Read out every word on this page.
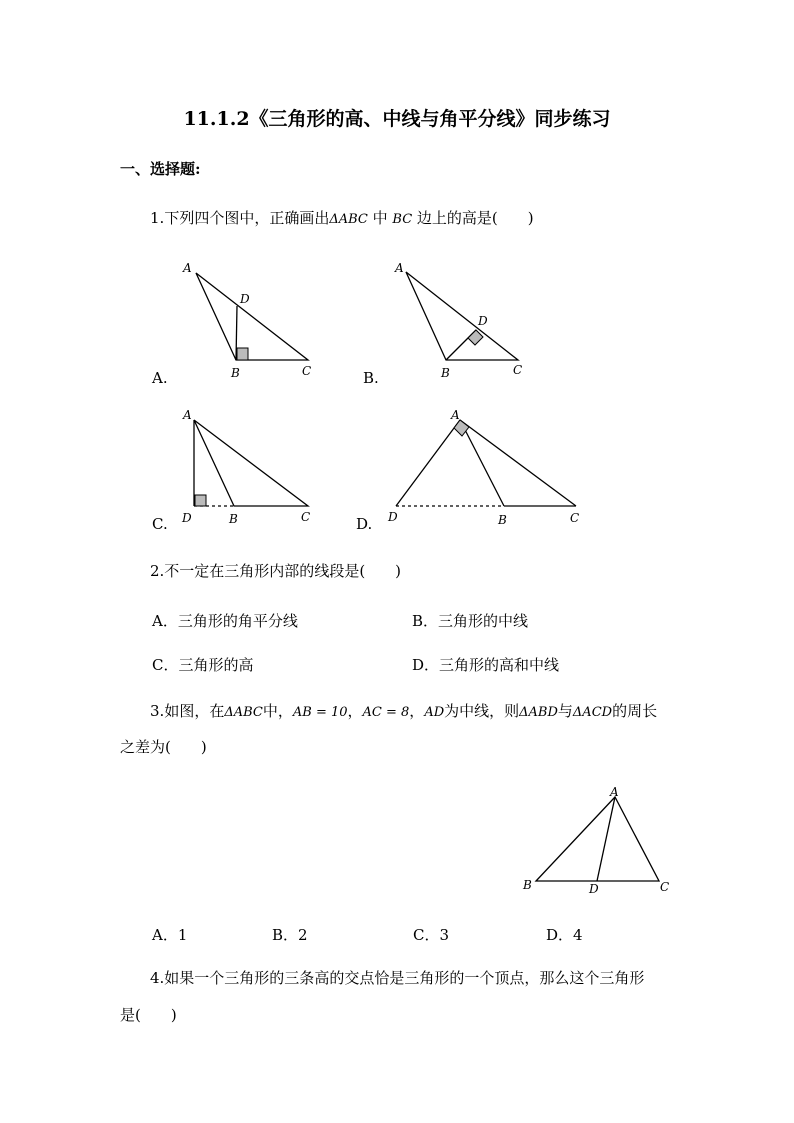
11.1.2《三角形的高、中线与角平分线》同步练习
一、选择题:
1.下列四个图中，正确画出ΔABC 中 BC 边上的高是(　　)
A.
A
D
B	C	B.
A
D
B	C
C.
A
D	B	C	D.
A
D	B	C
2.不一定在三角形内部的线段是(　　)
A．三角形的角平分线	B．三角形的中线
C．三角形的高	D．三角形的高和中线
3.如图，在ΔABC中，AB = 10，AC = 8，AD为中线，则ΔABD与ΔACD的周长
之差为(　　)
A
B	D	C
A．1	B．2	C．3	D．4
4.如果一个三角形的三条高的交点恰是三角形的一个顶点，那么这个三角形
是(　　)
